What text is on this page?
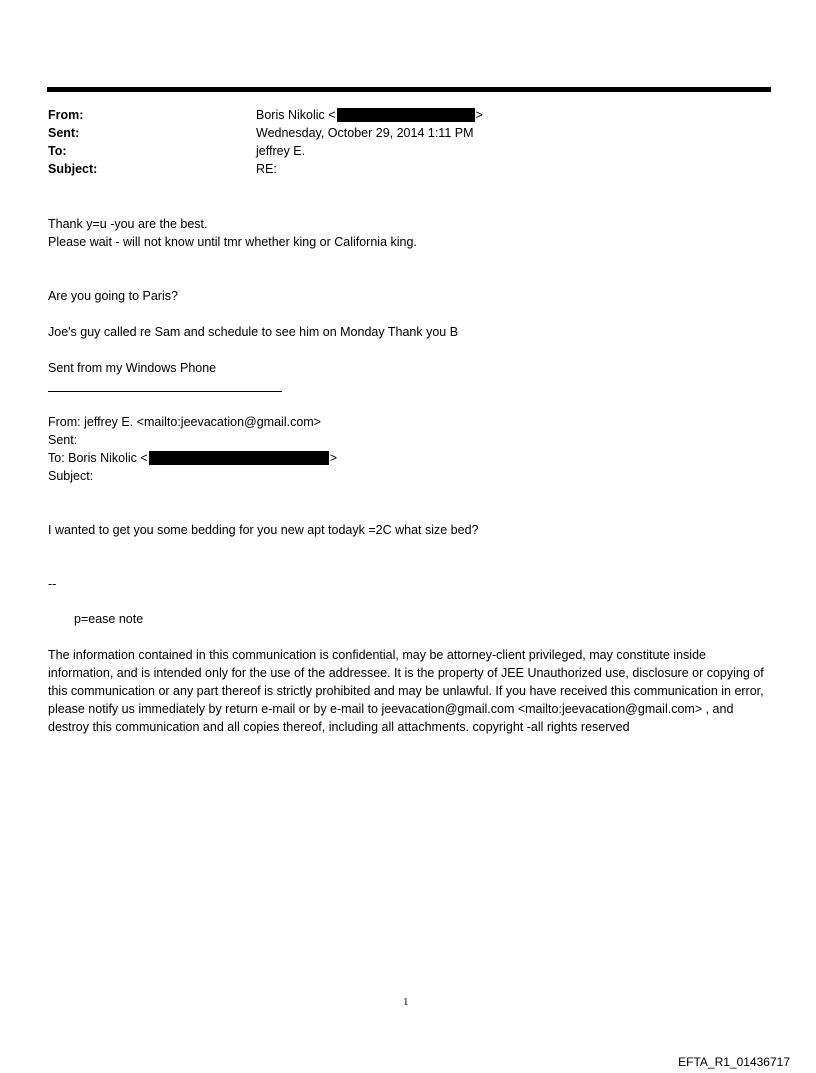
From:	Boris Nikolic <	>
Sent:	Wednesday, October 29, 2014 1:11 PM
To:	jeffrey E.
Subject:	RE:
Thank y=u -you are the best.
Please wait - will not know until tmr whether king or California king.
Are you going to Paris?
Joe's guy called re Sam and schedule to see him on Monday Thank you B
Sent from my Windows Phone
From: jeffrey E. <mailto:jeevacation@gmail.com>
Sent:
To: Boris Nikolic <	>
Subject:
I wanted to get you some bedding for you new apt todayk =2C what size bed?
--
p=ease note
The information contained in this communication is confidential, may be attorney-client privileged, may constitute inside information, and is intended only for the use of the addressee. It is the property of JEE Unauthorized use, disclosure or copying of this communication or any part thereof is strictly prohibited and may be unlawful. If you have received this communication in error, please notify us immediately by return e-mail or by e-mail to jeevacation@gmail.com <mailto:jeevacation@gmail.com> , and destroy this communication and all copies thereof, including all attachments. copyright -all rights reserved
1
EFTA_R1_01436717
